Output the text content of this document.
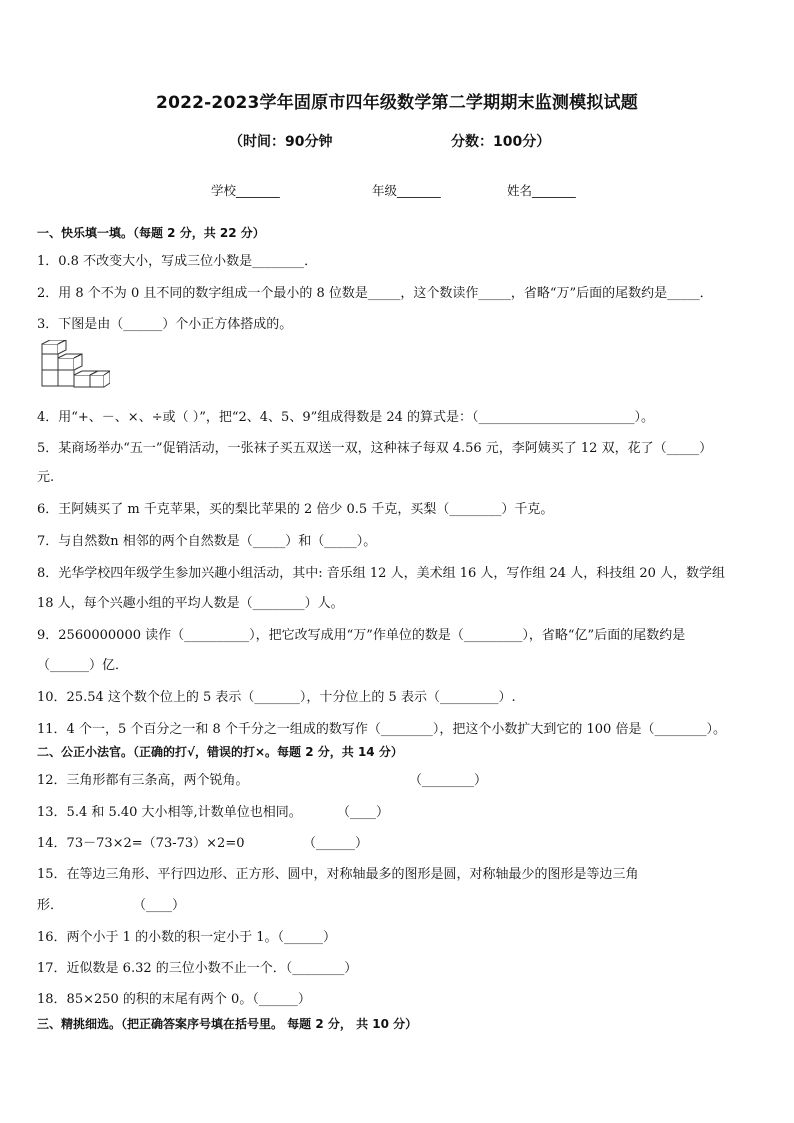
2022-2023学年固原市四年级数学第二学期期末监测模拟试题
（时间：90分钟	分数：100分）
学校_______	年级_______	姓名_______
一、快乐填一填。（每题 2 分，共 22 分）
1．0.8 不改变大小，写成三位小数是________．
2．用 8 个不为 0 且不同的数字组成一个最小的 8 位数是_____，这个数读作_____，省略“万”后面的尾数约是_____．
3．下图是由（______）个小正方体搭成的。
4．用“+、－、×、÷或（ ）”，把“2、4、5、9”组成得数是 24 的算式是：（________________________）。
5．某商场举办“五一”促销活动，一张袜子买五双送一双，这种袜子每双 4.56 元，李阿姨买了 12 双，花了（_____）
元.
6．王阿姨买了 m 千克苹果，买的梨比苹果的 2 倍少 0.5 千克，买梨（________）千克。
7．与自然数n 相邻的两个自然数是（_____）和（_____）。
8．光华学校四年级学生参加兴趣小组活动，其中: 音乐组 12 人，美术组 16 人，写作组 24 人，科技组 20 人，数学组
18 人，每个兴趣小组的平均人数是（________）人。
9．2560000000 读作（__________），把它改写成用“万”作单位的数是（_________），省略“亿”后面的尾数约是
（______）亿．
10．25.54 这个数个位上的 5 表示（_______），十分位上的 5 表示（_________）.
11．4 个一，5 个百分之一和 8 个千分之一组成的数写作（________），把这个小数扩大到它的 100 倍是（________）。
二、公正小法官。（正确的打√，错误的打×。每题 2 分，共 14 分）
12．三角形都有三条高，两个锐角。	（________）
13．5.4 和 5.40 大小相等,计数单位也相同。	（____）
14．73－73×2=（73-73）×2=0	（______）
15．在等边三角形、平行四边形、正方形、圆中，对称轴最多的图形是圆，对称轴最少的图形是等边三角
形．	（____）
16．两个小于 1 的小数的积一定小于 1。（______）
17．近似数是 6.32 的三位小数不止一个．（________）
18．85×250 的积的末尾有两个 0。（______）
三、精挑细选。（把正确答案序号填在括号里。 每题 2 分， 共 10 分）
